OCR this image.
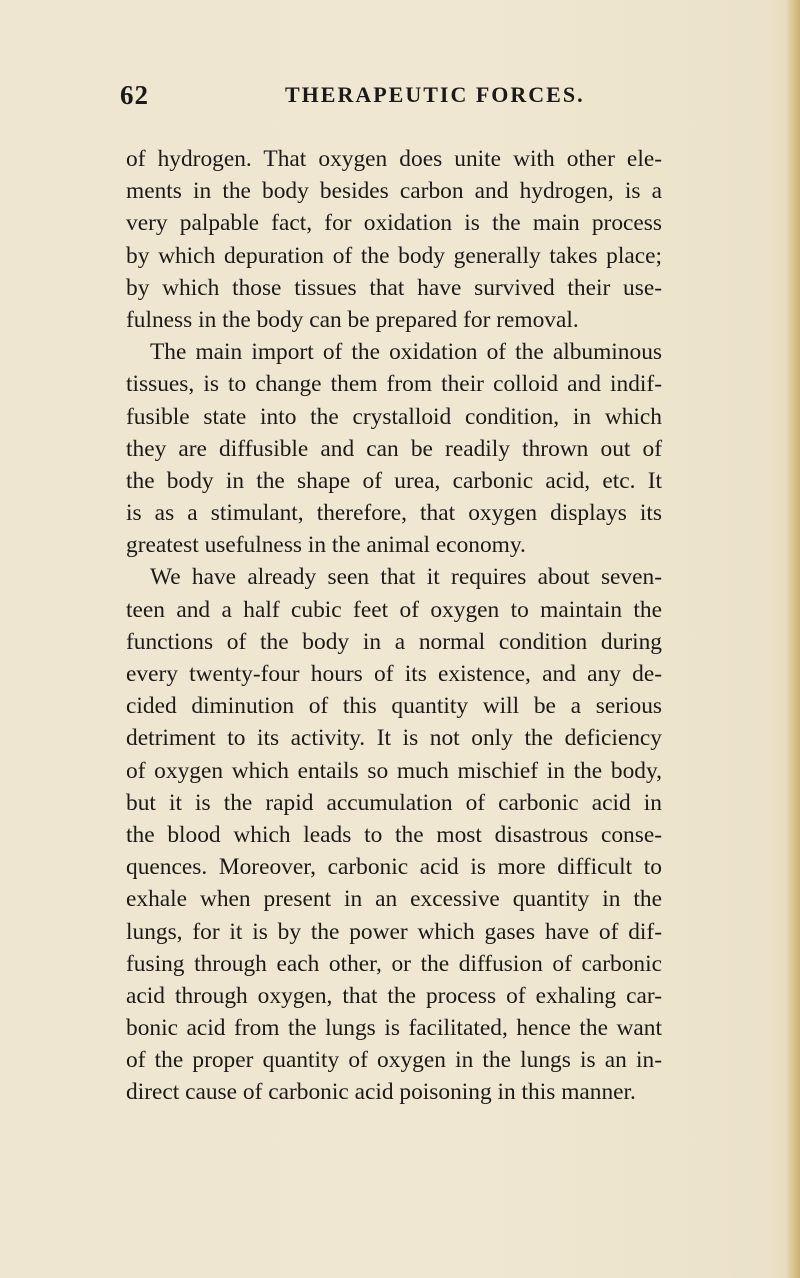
62	THERAPEUTIC FORCES.
of hydrogen. That oxygen does unite with other ele-
ments in the body besides carbon and hydrogen, is a
very palpable fact, for oxidation is the main process
by which depuration of the body generally takes place;
by which those tissues that have survived their use-
fulness in the body can be prepared for removal.
The main import of the oxidation of the albuminous
tissues, is to change them from their colloid and indif-
fusible state into the crystalloid condition, in which
they are diffusible and can be readily thrown out of
the body in the shape of urea, carbonic acid, etc. It
is as a stimulant, therefore, that oxygen displays its
greatest usefulness in the animal economy.
We have already seen that it requires about seven-
teen and a half cubic feet of oxygen to maintain the
functions of the body in a normal condition during
every twenty-four hours of its existence, and any de-
cided diminution of this quantity will be a serious
detriment to its activity. It is not only the deficiency
of oxygen which entails so much mischief in the body,
but it is the rapid accumulation of carbonic acid in
the blood which leads to the most disastrous conse-
quences. Moreover, carbonic acid is more difficult to
exhale when present in an excessive quantity in the
lungs, for it is by the power which gases have of dif-
fusing through each other, or the diffusion of carbonic
acid through oxygen, that the process of exhaling car-
bonic acid from the lungs is facilitated, hence the want
of the proper quantity of oxygen in the lungs is an in-
direct cause of carbonic acid poisoning in this manner.
